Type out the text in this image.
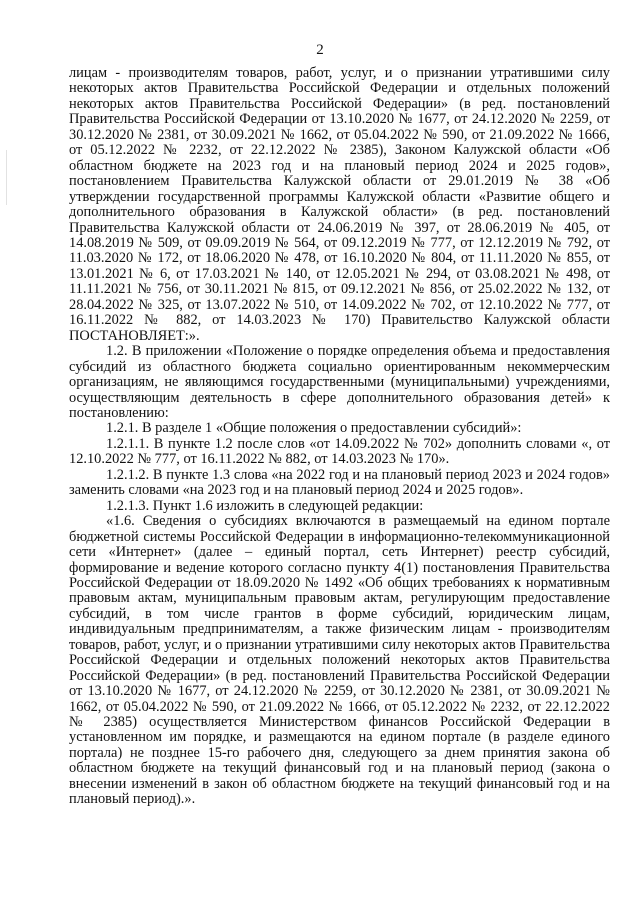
2

лицам - производителям товаров, работ, услуг, и о признании утратившими силу некоторых актов Правительства Российской Федерации и отдельных положений некоторых актов Правительства Российской Федерации» (в ред. постановлений Правительства Российской Федерации от 13.10.2020 № 1677, от 24.12.2020 № 2259, от 30.12.2020 № 2381, от 30.09.2021 № 1662, от 05.04.2022 № 590, от 21.09.2022 № 1666, от 05.12.2022 № 2232, от 22.12.2022 № 2385), Законом Калужской области «Об областном бюджете на 2023 год и на плановый период 2024 и 2025 годов», постановлением Правительства Калужской области от 29.01.2019 № 38 «Об утверждении государственной программы Калужской области «Развитие общего и дополнительного образования в Калужской области» (в ред. постановлений Правительства Калужской области от 24.06.2019 № 397, от 28.06.2019 № 405, от 14.08.2019 № 509, от 09.09.2019 № 564, от 09.12.2019 № 777, от 12.12.2019 № 792, от 11.03.2020 № 172, от 18.06.2020 № 478, от 16.10.2020 № 804, от 11.11.2020 № 855, от 13.01.2021 № 6, от 17.03.2021 № 140, от 12.05.2021 № 294, от 03.08.2021 № 498, от 11.11.2021 № 756, от 30.11.2021 № 815, от 09.12.2021 № 856, от 25.02.2022 № 132, от 28.04.2022 № 325, от 13.07.2022 № 510, от 14.09.2022 № 702, от 12.10.2022 № 777, от 16.11.2022 № 882, от 14.03.2023 № 170) Правительство Калужской области ПОСТАНОВЛЯЕТ:».

1.2. В приложении «Положение о порядке определения объема и предоставления субсидий из областного бюджета социально ориентированным некоммерческим организациям, не являющимся государственными (муниципальными) учреждениями, осуществляющим деятельность в сфере дополнительного образования детей» к постановлению:

1.2.1. В разделе 1 «Общие положения о предоставлении субсидий»:

1.2.1.1. В пункте 1.2 после слов «от 14.09.2022 № 702» дополнить словами «, от 12.10.2022 № 777, от 16.11.2022 № 882, от 14.03.2023 № 170».

1.2.1.2. В пункте 1.3 слова «на 2022 год и на плановый период 2023 и 2024 годов» заменить словами «на 2023 год и на плановый период 2024 и 2025 годов».

1.2.1.3. Пункт 1.6 изложить в следующей редакции:

«1.6. Сведения о субсидиях включаются в размещаемый на едином портале бюджетной системы Российской Федерации в информационно-телекоммуникационной сети «Интернет» (далее – единый портал, сеть Интернет) реестр субсидий, формирование и ведение которого согласно пункту 4(1) постановления Правительства Российской Федерации от 18.09.2020 № 1492 «Об общих требованиях к нормативным правовым актам, муниципальным правовым актам, регулирующим предоставление субсидий, в том числе грантов в форме субсидий, юридическим лицам, индивидуальным предпринимателям, а также физическим лицам - производителям товаров, работ, услуг, и о признании утратившими силу некоторых актов Правительства Российской Федерации и отдельных положений некоторых актов Правительства Российской Федерации» (в ред. постановлений Правительства Российской Федерации от 13.10.2020 № 1677, от 24.12.2020 № 2259, от 30.12.2020 № 2381, от 30.09.2021 № 1662, от 05.04.2022 № 590, от 21.09.2022 № 1666, от 05.12.2022 № 2232, от 22.12.2022 № 2385) осуществляется Министерством финансов Российской Федерации в установленном им порядке, и размещаются на едином портале (в разделе единого портала) не позднее 15-го рабочего дня, следующего за днем принятия закона об областном бюджете на текущий финансовый год и на плановый период (закона о внесении изменений в закон об областном бюджете на текущий финансовый год и на плановый период).».
